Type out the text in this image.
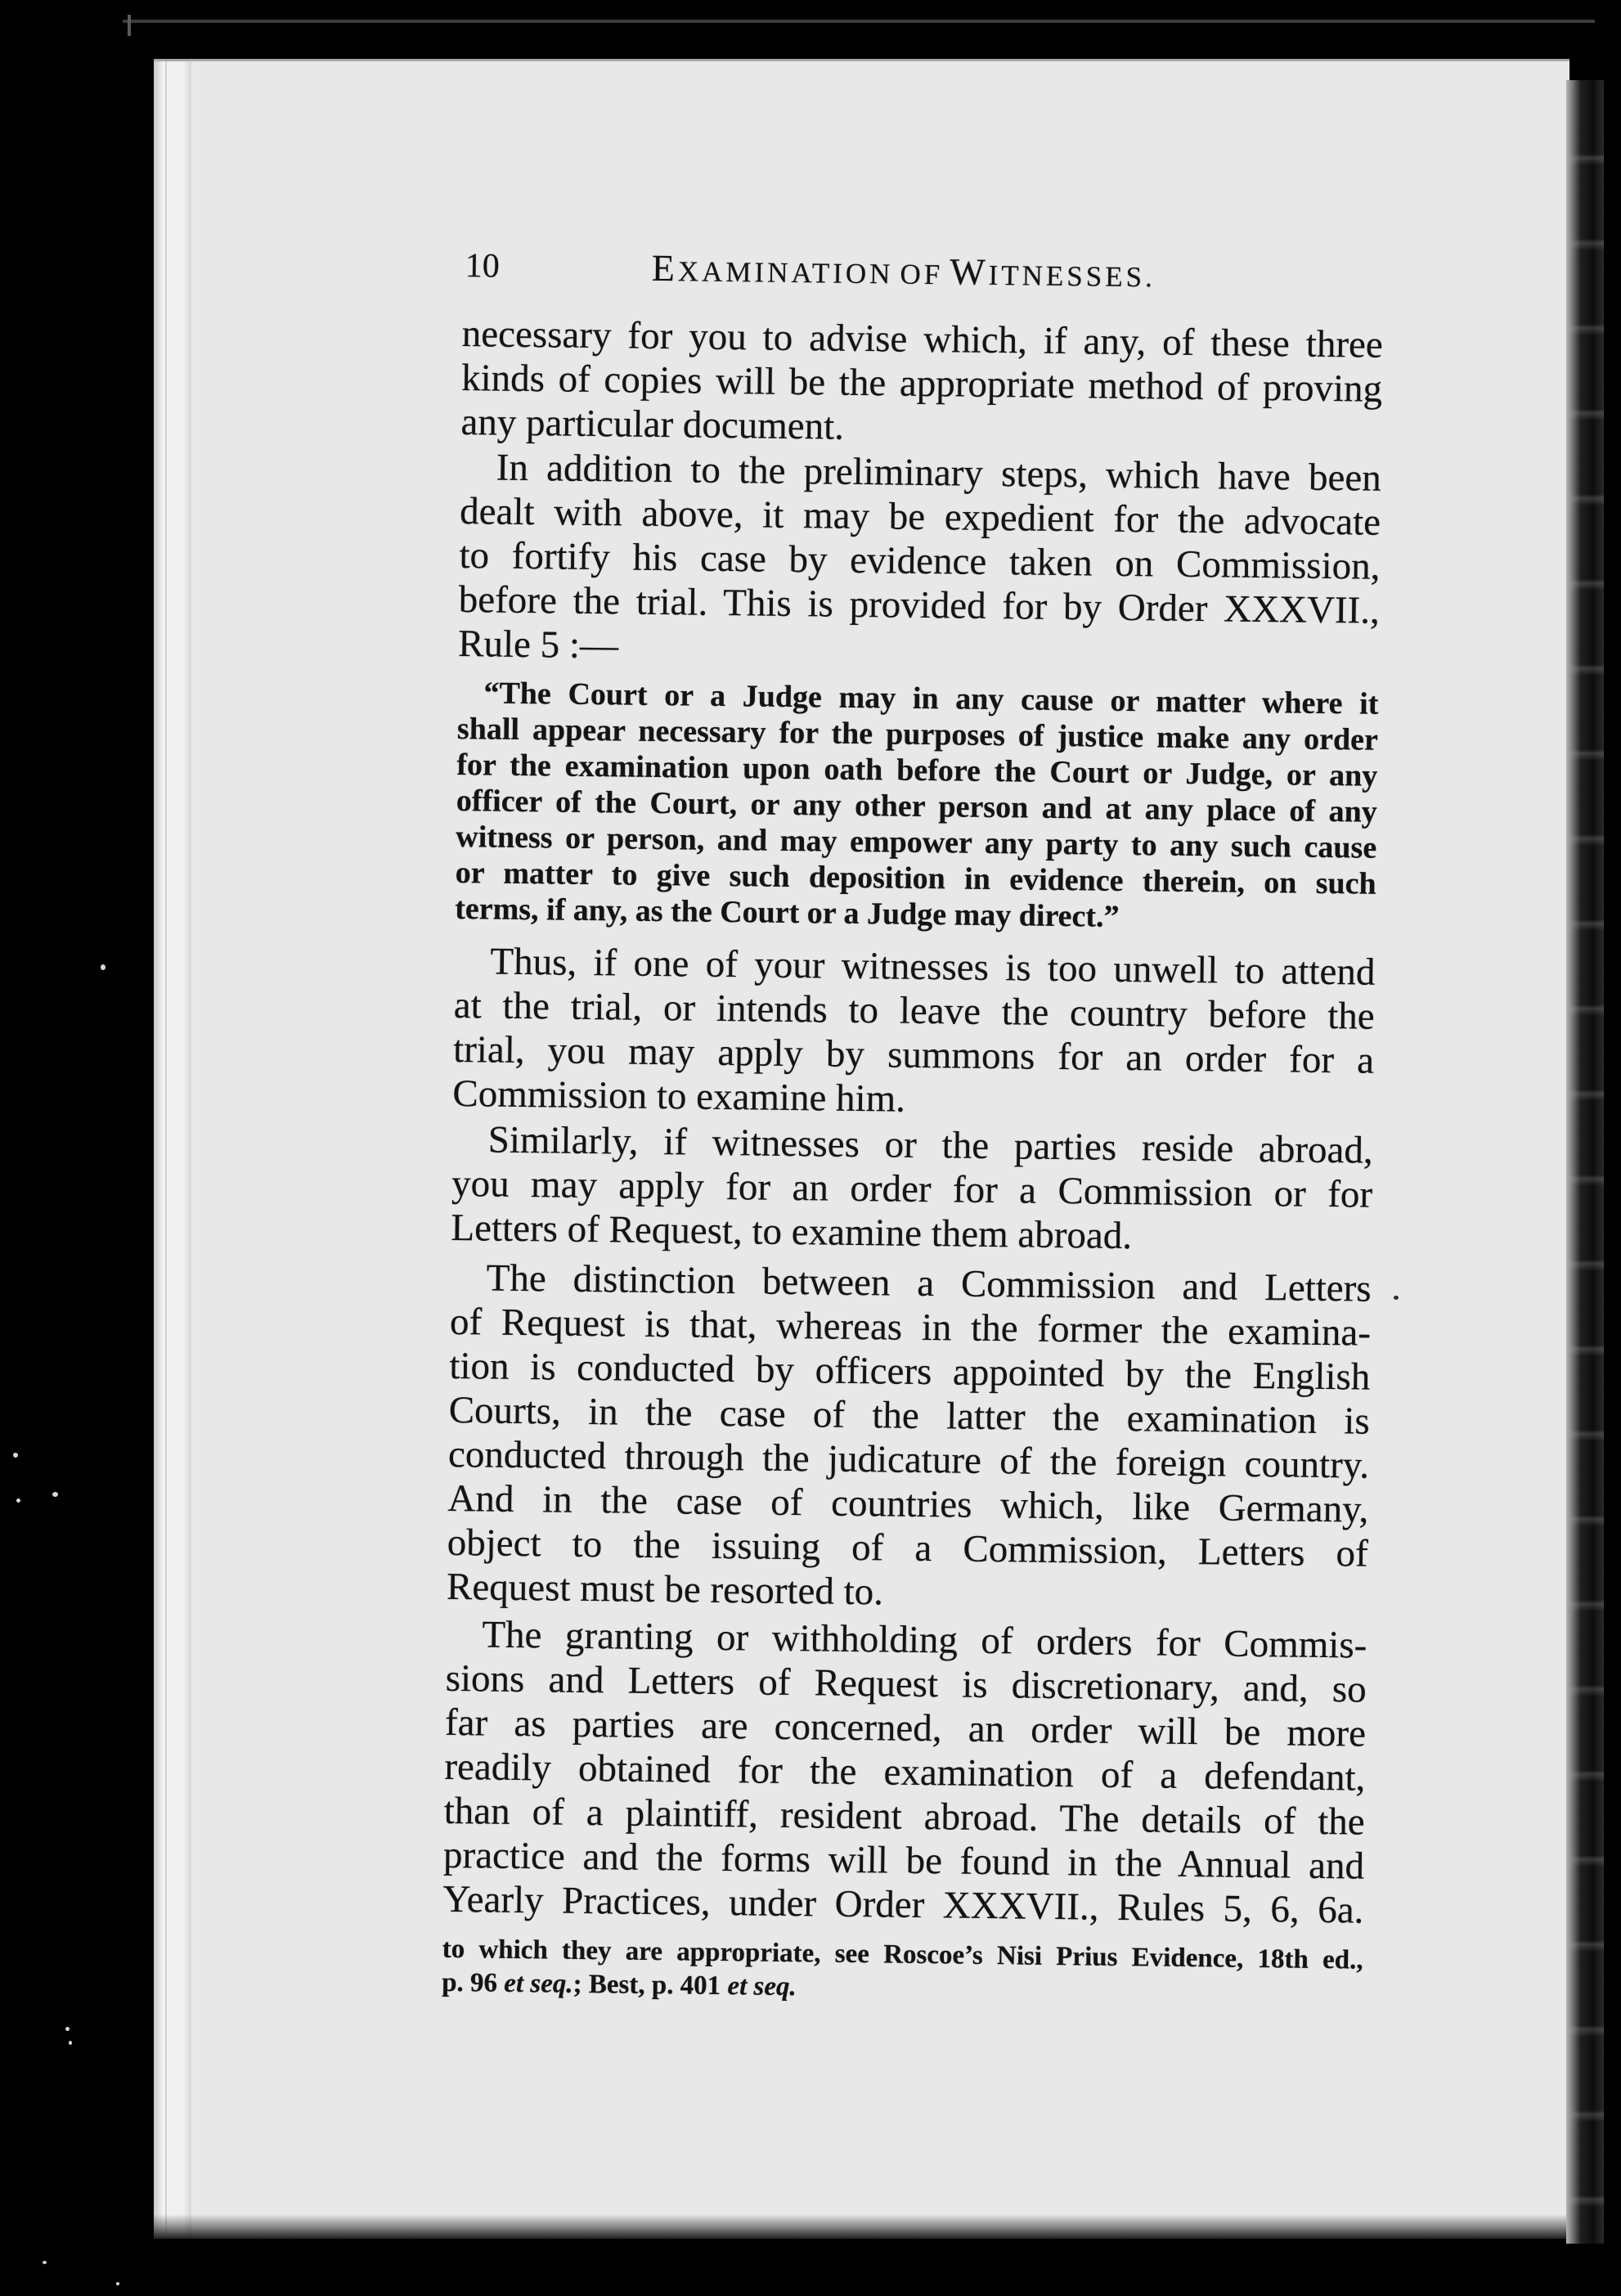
10	EXAMINATION OF WITNESSES.
necessary for you to advise which, if any, of these three
kinds of copies will be the appropriate method of proving
any particular document.
In addition to the preliminary steps, which have been
dealt with above, it may be expedient for the advocate
to fortify his case by evidence taken on Commission,
before the trial. This is provided for by Order XXXVII.,
Rule 5 :—
“The Court or a Judge may in any cause or matter where it
shall appear necessary for the purposes of justice make any order
for the examination upon oath before the Court or Judge, or any
officer of the Court, or any other person and at any place of any
witness or person, and may empower any party to any such cause
or matter to give such deposition in evidence therein, on such
terms, if any, as the Court or a Judge may direct.”
Thus, if one of your witnesses is too unwell to attend
at the trial, or intends to leave the country before the
trial, you may apply by summons for an order for a
Commission to examine him.
Similarly, if witnesses or the parties reside abroad,
you may apply for an order for a Commission or for
Letters of Request, to examine them abroad.
The distinction between a Commission and Letters
of Request is that, whereas in the former the examina-
tion is conducted by officers appointed by the English
Courts, in the case of the latter the examination is
conducted through the judicature of the foreign country.
And in the case of countries which, like Germany,
object to the issuing of a Commission, Letters of
Request must be resorted to.
The granting or withholding of orders for Commis-
sions and Letters of Request is discretionary, and, so
far as parties are concerned, an order will be more
readily obtained for the examination of a defendant,
than of a plaintiff, resident abroad. The details of the
practice and the forms will be found in the Annual and
Yearly Practices, under Order XXXVII., Rules 5, 6, 6a.
to which they are appropriate, see Roscoe’s Nisi Prius Evidence, 18th ed.,
p. 96 et seq.; Best, p. 401 et seq.
